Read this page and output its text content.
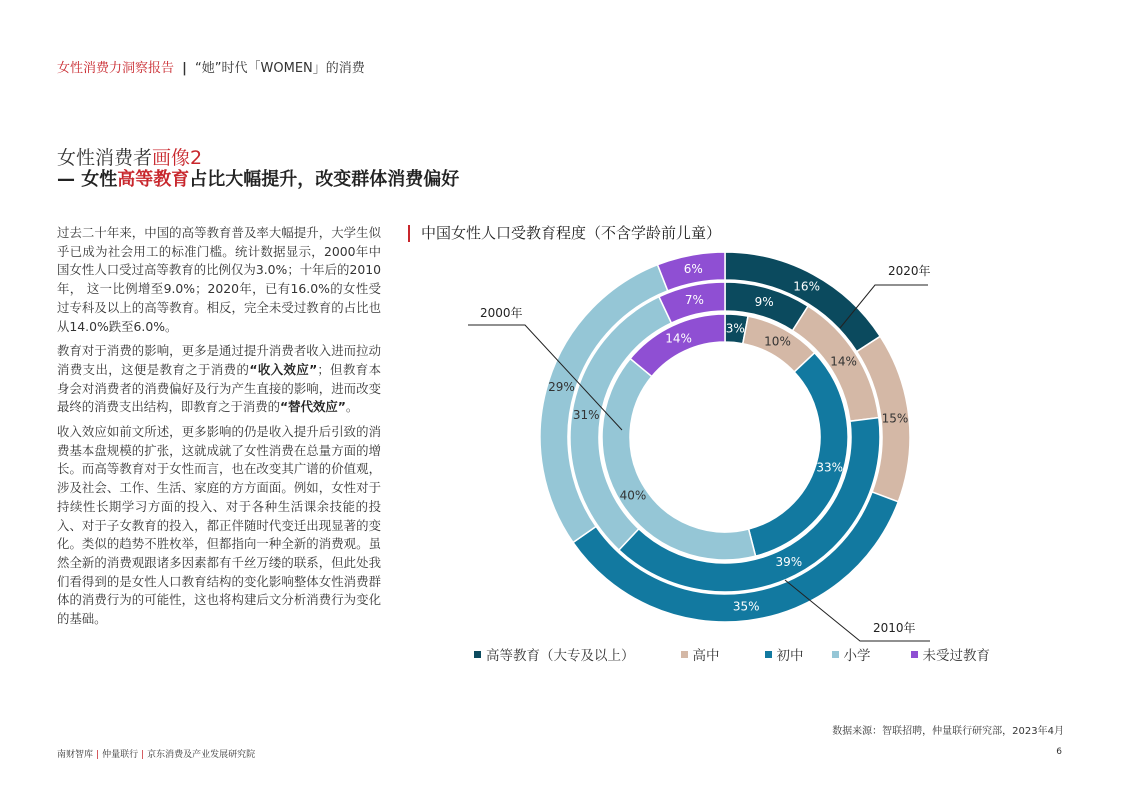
女性消费力洞察报告 | “她”时代「WOMEN」的消费
女性消费者画像2
— 女性高等教育占比大幅提升，改变群体消费偏好

过去二十年来，中国的高等教育普及率大幅提升，大学生似乎已成为社会用工的标准门槛。统计数据显示，2000年中国女性人口受过高等教育的比例仅为3.0%；十年后的2010年， 这一比例增至9.0%；2020年，已有16.0%的女性受过专科及以上的高等教育。相反，完全未受过教育的占比也从14.0%跌至6.0%。

教育对于消费的影响，更多是通过提升消费者收入进而拉动消费支出，这便是教育之于消费的“收入效应”；但教育本身会对消费者的消费偏好及行为产生直接的影响，进而改变最终的消费支出结构，即教育之于消费的“替代效应”。

收入效应如前文所述，更多影响的仍是收入提升后引致的消费基本盘规模的扩张，这就成就了女性消费在总量方面的增长。而高等教育对于女性而言，也在改变其广谱的价值观，涉及社会、工作、生活、家庭的方方面面。例如，女性对于持续性长期学习方面的投入、对于各种生活课余技能的投入、对于子女教育的投入，都正伴随时代变迁出现显著的变化。类似的趋势不胜枚举，但都指向一种全新的消费观。虽然全新的消费观跟诸多因素都有千丝万缕的联系，但此处我们看得到的是女性人口教育结构的变化影响整体女性消费群体的消费行为的可能性，这也将构建后文分析消费行为变化的基础。

中国女性人口受教育程度（不含学龄前儿童）
3%
10%
33%
40%
14%
9%
14%
39%
31%
7%
16%
15%
35%
29%
6%
2000年
2010年
2020年
高等教育（大专及以上）	高中	初中	小学	未受过教育
数据来源：智联招聘，仲量联行研究部，2023年4月
南财智库 | 仲量联行 | 京东消费及产业发展研究院	6
